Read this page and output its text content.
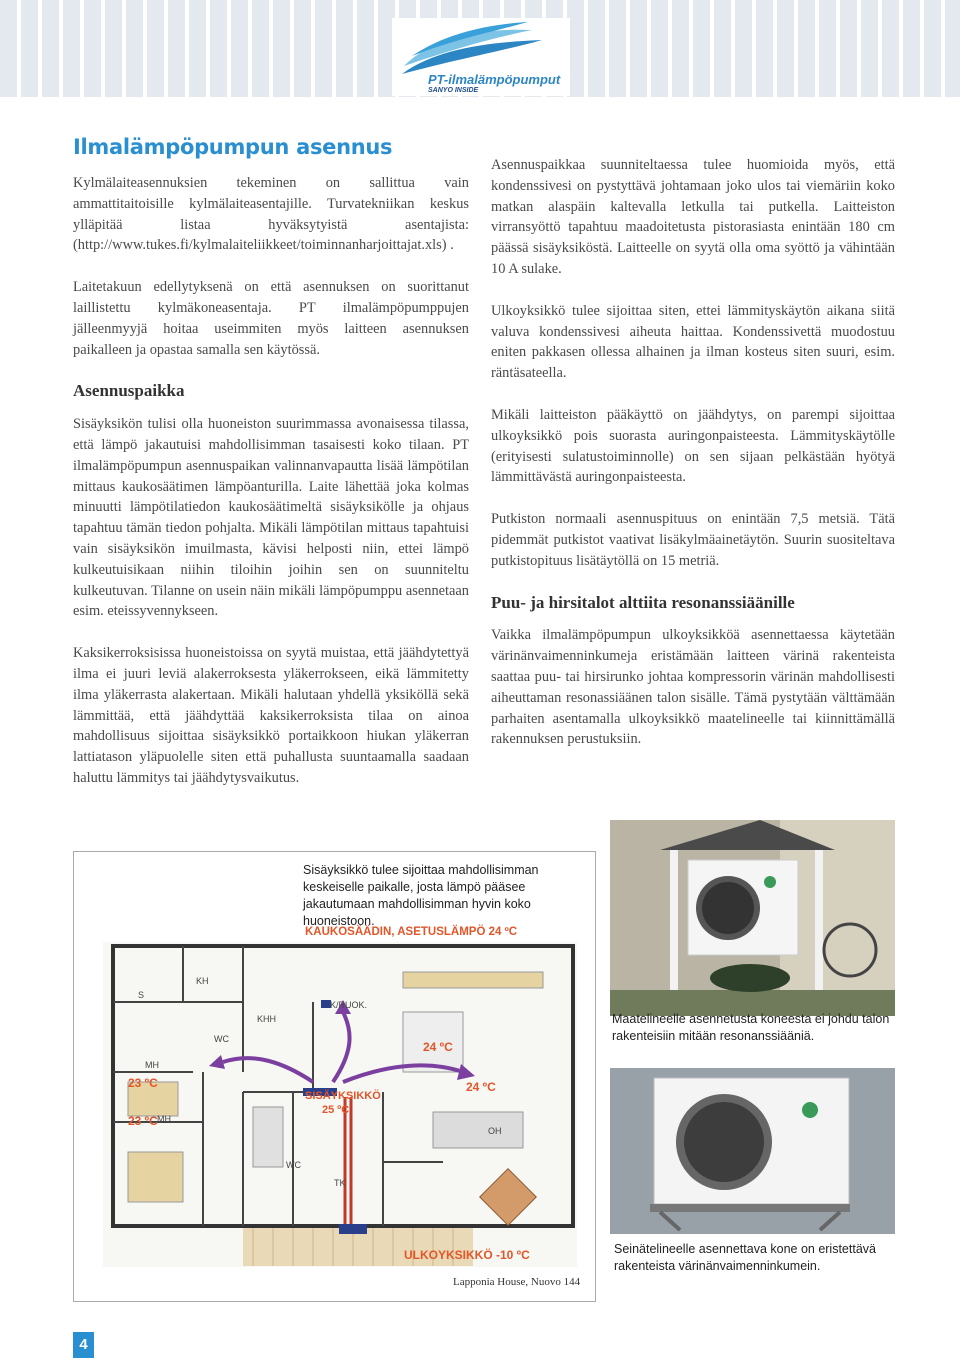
PT-ilmalämpöpumput
SANYO INSIDE
Ilmalämpöpumpun asennus

Kylmälaiteasennuksien tekeminen on sallittua vain ammattitaitoisille kylmälaiteasentajille. Turvatekniikan keskus ylläpitää listaa hyväksytyistä asentajista: (http://www.tukes.fi/kylmalaiteliikkeet/toiminnanharjoittajat.xls) .

Laitetakuun edellytyksenä on että asennuksen on suorittanut laillistettu kylmäkoneasentaja. PT ilmalämpöpumppujen jälleenmyyjä hoitaa useimmiten myös laitteen asennuksen paikalleen ja opastaa samalla sen käytössä.

Asennuspaikka

Sisäyksikön tulisi olla huoneiston suurimmassa avonaisessa tilassa, että lämpö jakautuisi mahdollisimman tasaisesti koko tilaan. PT ilmalämpöpumpun asennuspaikan valinnanvapautta lisää lämpötilan mittaus kaukosäätimen lämpöanturilla. Laite lähettää joka kolmas minuutti lämpötilatiedon kaukosäätimeltä sisäyksikölle ja ohjaus tapahtuu tämän tiedon pohjalta. Mikäli lämpötilan mittaus tapahtuisi vain sisäyksikön imuilmasta, kävisi helposti niin, ettei lämpö kulkeutuisikaan niihin tiloihin joihin sen on suunniteltu kulkeutuvan. Tilanne on usein näin mikäli lämpöpumppu asennetaan esim. eteissyvennykseen.

Kaksikerroksisissa huoneistoissa on syytä muistaa, että jäähdytettyä ilma ei juuri leviä alakerroksesta yläkerrokseen, eikä lämmitetty ilma yläkerrasta alakertaan. Mikäli halutaan yhdellä yksiköllä sekä lämmittää, että jäähdyttää kaksikerroksista tilaa on ainoa mahdollisuus sijoittaa sisäyksikkö portaikkoon hiukan yläkerran lattiatason yläpuolelle siten että puhallusta suuntaamalla saadaan haluttu lämmitys tai jäähdytysvaikutus.

Asennuspaikkaa suunniteltaessa tulee huomioida myös, että kondenssivesi on pystyttävä johtamaan joko ulos tai viemäriin koko matkan alaspäin kaltevalla letkulla tai putkella. Laitteiston virransyöttö tapahtuu maadoitetusta pistorasiasta enintään 180 cm päässä sisäyksiköstä. Laitteelle on syytä olla oma syöttö ja vähintään 10 A sulake.

Ulkoyksikkö tulee sijoittaa siten, ettei lämmityskäytön aikana siitä valuva kondenssivesi aiheuta haittaa. Kondenssivettä muodostuu eniten pakkasen ollessa alhainen ja ilman kosteus siten suuri, esim. räntäsateella.

Mikäli laitteiston pääkäyttö on jäähdytys, on parempi sijoittaa ulkoyksikkö pois suorasta auringonpaisteesta. Lämmityskäytölle (erityisesti sulatustoiminnolle) on sen sijaan pelkästään hyötyä lämmittävästä auringonpaisteesta.

Putkiston normaali asennuspituus on enintään 7,5 metsiä. Tätä pidemmät putkistot vaativat lisäkylmäainetäytön. Suurin suositeltava putkistopituus lisätäytöllä on 15 metriä.

Puu- ja hirsitalot alttiita resonanssiäänille

Vaikka ilmalämpöpumpun ulkoyksikköä asennettaessa käytetään värinänvaimenninkumeja eristämään laitteen värinä rakenteista saattaa puu- tai hirsirunko johtaa kompressorin värinän mahdollisesti aiheuttaman resonassiäänen talon sisälle. Tämä pystytään välttämään parhaiten asentamalla ulkoyksikkö maatelineelle tai kiinnittämällä rakennuksen perustuksiin.

Sisäyksikkö tulee sijoittaa mahdollisimman keskeiselle paikalle, josta lämpö pääsee jakautumaan mahdollisimman hyvin koko huoneistoon.
KAUKOSÄÄDIN, ASETUSLÄMPÖ 24 ºC
24 ºC
24 ºC
23 ºC
23 ºC
SISÄYKSIKKÖ
25 ºC
ULKOYKSIKKÖ -10 ºC
S
KH
KHH
WC
K/RUOK.
MH
MH
OH
WC
TK
Lapponia House, Nuovo 144
Maatelineelle asennetusta koneesta ei johdu talon rakenteisiin mitään resonanssiääniä.
Seinätelineelle asennettava kone on eristettävä rakenteista värinänvaimenninkumein.
4
